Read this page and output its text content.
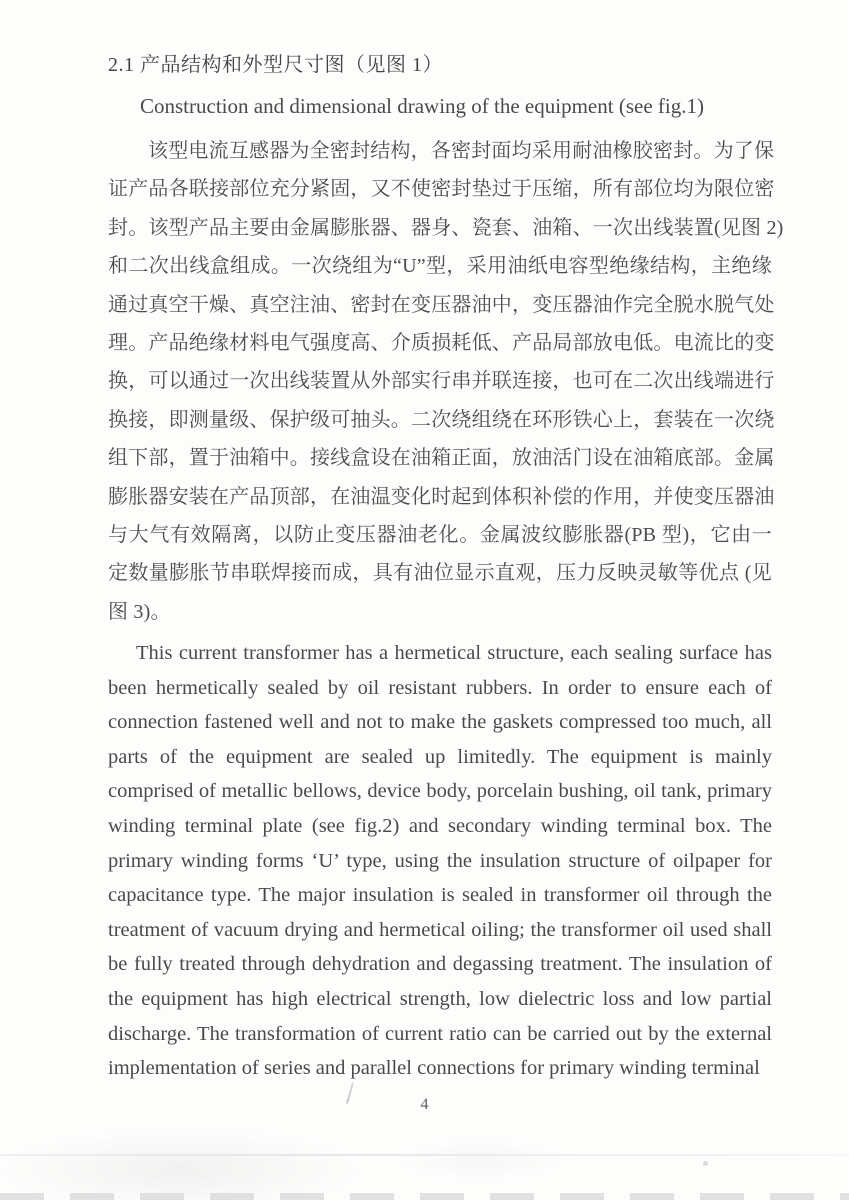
2.1 产品结构和外型尺寸图（见图 1）
Construction and dimensional drawing of the equipment (see fig.1)
该型电流互感器为全密封结构，各密封面均采用耐油橡胶密封。为了保
证产品各联接部位充分紧固，又不使密封垫过于压缩，所有部位均为限位密
封。该型产品主要由金属膨胀器、器身、瓷套、油箱、一次出线装置(见图 2)
和二次出线盒组成。一次绕组为“U”型，采用油纸电容型绝缘结构，主绝缘
通过真空干燥、真空注油、密封在变压器油中，变压器油作完全脱水脱气处
理。产品绝缘材料电气强度高、介质损耗低、产品局部放电低。电流比的变
换，可以通过一次出线装置从外部实行串并联连接，也可在二次出线端进行
换接，即测量级、保护级可抽头。二次绕组绕在环形铁心上，套装在一次绕
组下部，置于油箱中。接线盒设在油箱正面，放油活门设在油箱底部。金属
膨胀器安装在产品顶部，在油温变化时起到体积补偿的作用，并使变压器油
与大气有效隔离，以防止变压器油老化。金属波纹膨胀器(PB 型)，它由一
定数量膨胀节串联焊接而成，具有油位显示直观，压力反映灵敏等优点 (见
图 3)。
This current transformer has a hermetical structure, each sealing surface has
been hermetically sealed by oil resistant rubbers. In order to ensure each of
connection fastened well and not to make the gaskets compressed too much, all
parts of the equipment are sealed up limitedly. The equipment is mainly
comprised of metallic bellows, device body, porcelain bushing, oil tank, primary
winding terminal plate (see fig.2) and secondary winding terminal box. The
primary winding forms ‘U’ type, using the insulation structure of oilpaper for
capacitance type. The major insulation is sealed in transformer oil through the
treatment of vacuum drying and hermetical oiling; the transformer oil used shall
be fully treated through dehydration and degassing treatment. The insulation of
the equipment has high electrical strength, low dielectric loss and low partial
discharge. The transformation of current ratio can be carried out by the external
implementation of series and parallel connections for primary winding terminal
4
